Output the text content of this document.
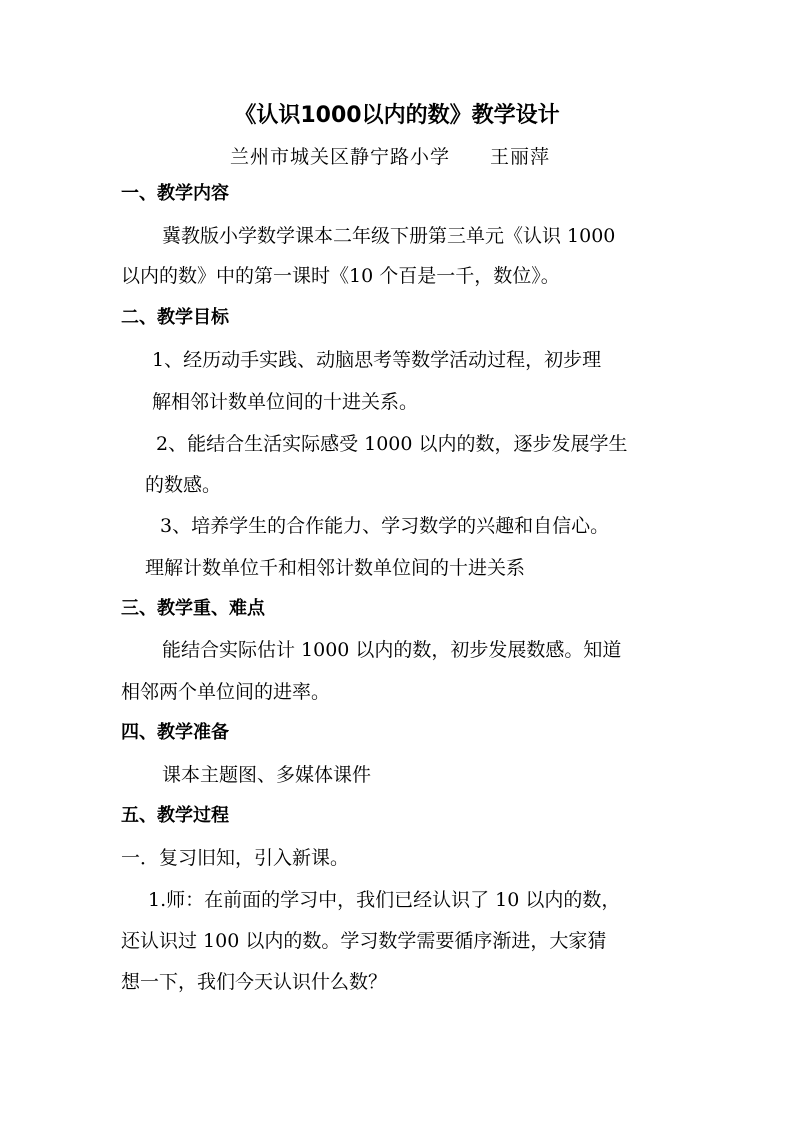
《认识1000以内的数》教学设计
兰州市城关区静宁路小学　　王丽萍
一、教学内容
冀教版小学数学课本二年级下册第三单元《认识 1000
以内的数》中的第一课时《10 个百是一千，数位》。
二、教学目标
1、经历动手实践、动脑思考等数学活动过程，初步理
解相邻计数单位间的十进关系。
2、能结合生活实际感受 1000 以内的数，逐步发展学生
的数感。
3、培养学生的合作能力、学习数学的兴趣和自信心。
理解计数单位千和相邻计数单位间的十进关系
三、教学重、难点
能结合实际估计 1000 以内的数，初步发展数感。知道
相邻两个单位间的进率。
四、教学准备
课本主题图、多媒体课件
五、教学过程
一．复习旧知，引入新课。
1.师：在前面的学习中，我们已经认识了 10 以内的数，
还认识过 100 以内的数。学习数学需要循序渐进，大家猜
想一下，我们今天认识什么数？
